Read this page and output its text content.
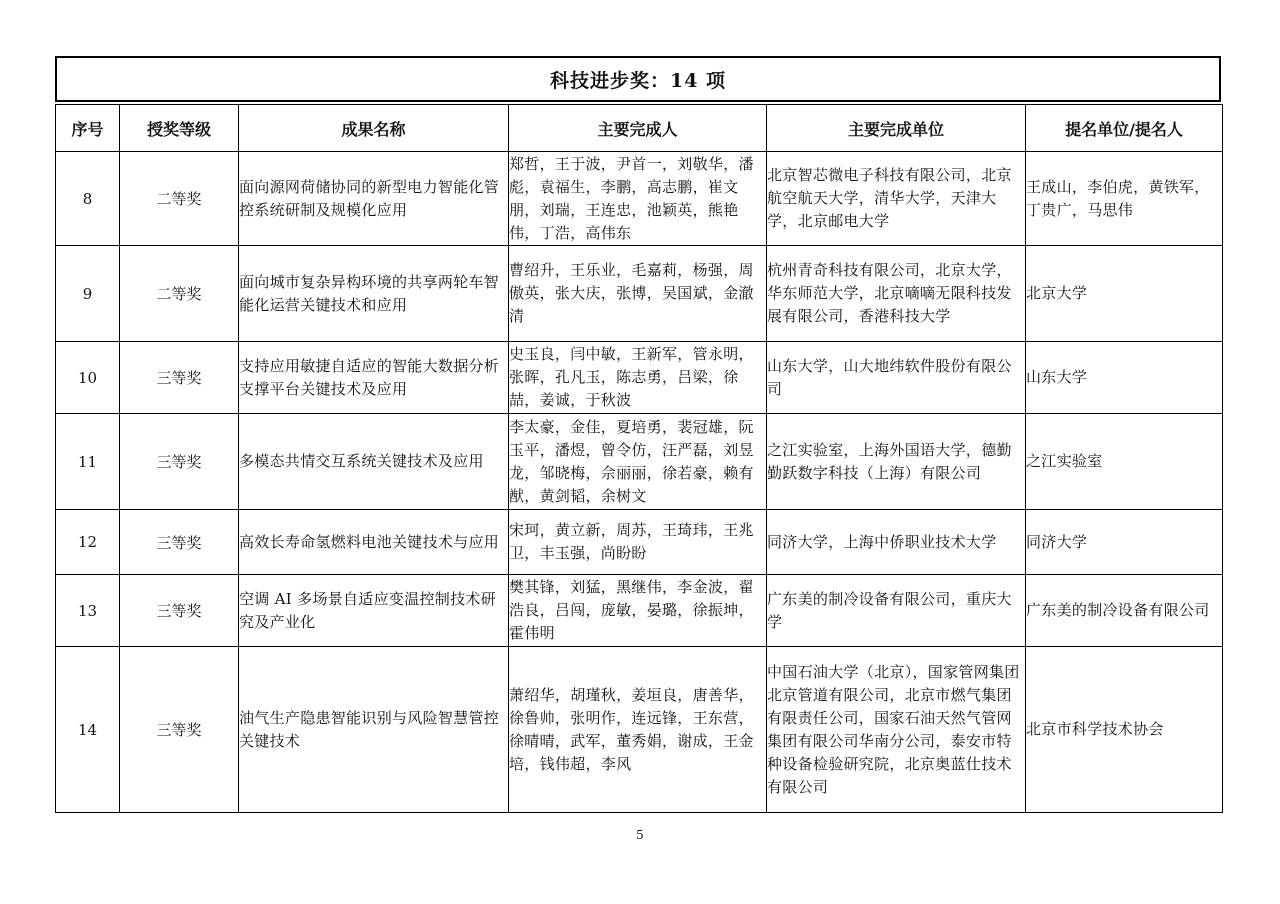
科技进步奖：14 项
序号	授奖等级	成果名称	主要完成人	主要完成单位	提名单位/提名人
8	二等奖	面向源网荷储协同的新型电力智能化管控系统研制及规模化应用	郑哲，王于波，尹首一，刘敬华，潘彪，袁福生，李鹏，高志鹏，崔文朋，刘瑞，王连忠，池颖英，熊艳伟，丁浩，高伟东	北京智芯微电子科技有限公司，北京航空航天大学，清华大学，天津大学，北京邮电大学	王成山，李伯虎，黄铁军，丁贵广，马思伟
9	二等奖	面向城市复杂异构环境的共享两轮车智能化运营关键技术和应用	曹绍升，王乐业，毛嘉莉，杨强，周傲英，张大庆，张博，吴国斌，金澈清	杭州青奇科技有限公司，北京大学，华东师范大学，北京嘀嘀无限科技发展有限公司，香港科技大学	北京大学
10	三等奖	支持应用敏捷自适应的智能大数据分析支撑平台关键技术及应用	史玉良，闫中敏，王新军，管永明，张晖，孔凡玉，陈志勇，吕梁，徐喆，姜诚，于秋波	山东大学，山大地纬软件股份有限公司	山东大学
11	三等奖	多模态共情交互系统关键技术及应用	李太豪，金佳，夏培勇，裴冠雄，阮玉平，潘煜，曾令仿，汪严磊，刘昱龙，邹晓梅，佘丽丽，徐若豪，赖有猷，黄剑韬，余树文	之江实验室，上海外国语大学，德勤勤跃数字科技（上海）有限公司	之江实验室
12	三等奖	高效长寿命氢燃料电池关键技术与应用	宋珂，黄立新，周苏，王琦玮，王兆卫，丰玉强，尚盼盼	同济大学，上海中侨职业技术大学	同济大学
13	三等奖	空调 AI 多场景自适应变温控制技术研究及产业化	樊其锋，刘猛，黑继伟，李金波，翟浩良，吕闯，庞敏，晏璐，徐振坤，霍伟明	广东美的制冷设备有限公司，重庆大学	广东美的制冷设备有限公司
14	三等奖	油气生产隐患智能识别与风险智慧管控关键技术	萧绍华，胡瑾秋，姜垣良，唐善华，徐鲁帅，张明作，连远锋，王东营，徐晴晴，武军，董秀娟，谢成，王金培，钱伟超，李风	中国石油大学（北京），国家管网集团北京管道有限公司，北京市燃气集团有限责任公司，国家石油天然气管网集团有限公司华南分公司，泰安市特种设备检验研究院，北京奥蓝仕技术有限公司	北京市科学技术协会
5
